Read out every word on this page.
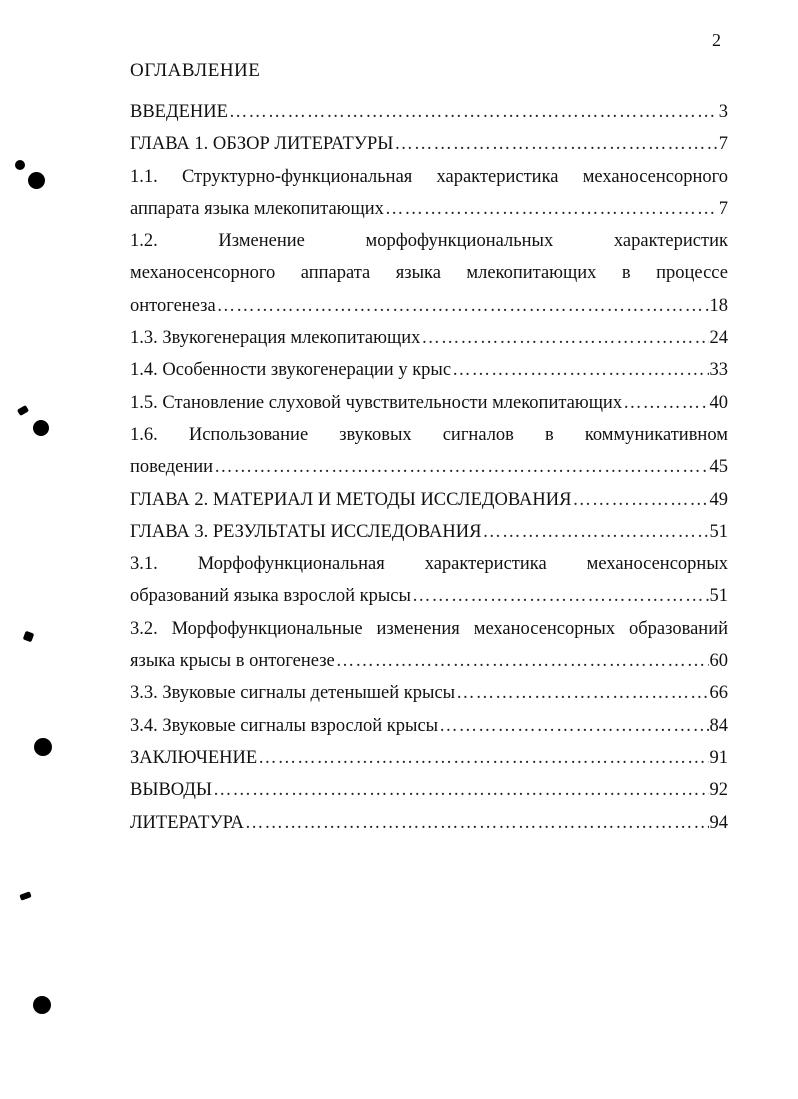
2
ОГЛАВЛЕНИЕ
ВВЕДЕНИЕ ………………………………………………………………………………………………………………………………………	3
ГЛАВА 1. ОБЗОР ЛИТЕРАТУРЫ ………………………………………………………………………………………………………………………………………	7
1.1. Структурно-функциональная характеристика механосенсорного
аппарата языка млекопитающих ………………………………………………………………………………………………………………………………………	7
1.2.	Изменение	морфофункциональных	характеристик
механосенсорного аппарата языка млекопитающих в процессе
онтогенеза ………………………………………………………………………………………………………………………………………	18
1.3. Звукогенерация млекопитающих ………………………………………………………………………………………………………………………………………	24
1.4. Особенности звукогенерации у крыс ………………………………………………………………………………………………………………………………………	33
1.5. Становление слуховой чувствительности млекопитающих ………………………………………………………………………………………………………………………………………	40
1.6. Использование звуковых сигналов в коммуникативном
поведении ………………………………………………………………………………………………………………………………………	45
ГЛАВА 2. МАТЕРИАЛ И МЕТОДЫ ИССЛЕДОВАНИЯ ………………………………………………………………………………………………………………………………………	49
ГЛАВА 3. РЕЗУЛЬТАТЫ ИССЛЕДОВАНИЯ ………………………………………………………………………………………………………………………………………	51
3.1. Морфофункциональная характеристика механосенсорных
образований языка взрослой крысы ………………………………………………………………………………………………………………………………………	51
3.2. Морфофункциональные изменения механосенсорных образований
языка крысы в онтогенезе ………………………………………………………………………………………………………………………………………	60
3.3. Звуковые сигналы детенышей крысы ………………………………………………………………………………………………………………………………………	66
3.4. Звуковые сигналы взрослой крысы ………………………………………………………………………………………………………………………………………	84
ЗАКЛЮЧЕНИЕ ………………………………………………………………………………………………………………………………………	91
ВЫВОДЫ ………………………………………………………………………………………………………………………………………	92
ЛИТЕРАТУРА ………………………………………………………………………………………………………………………………………	94
